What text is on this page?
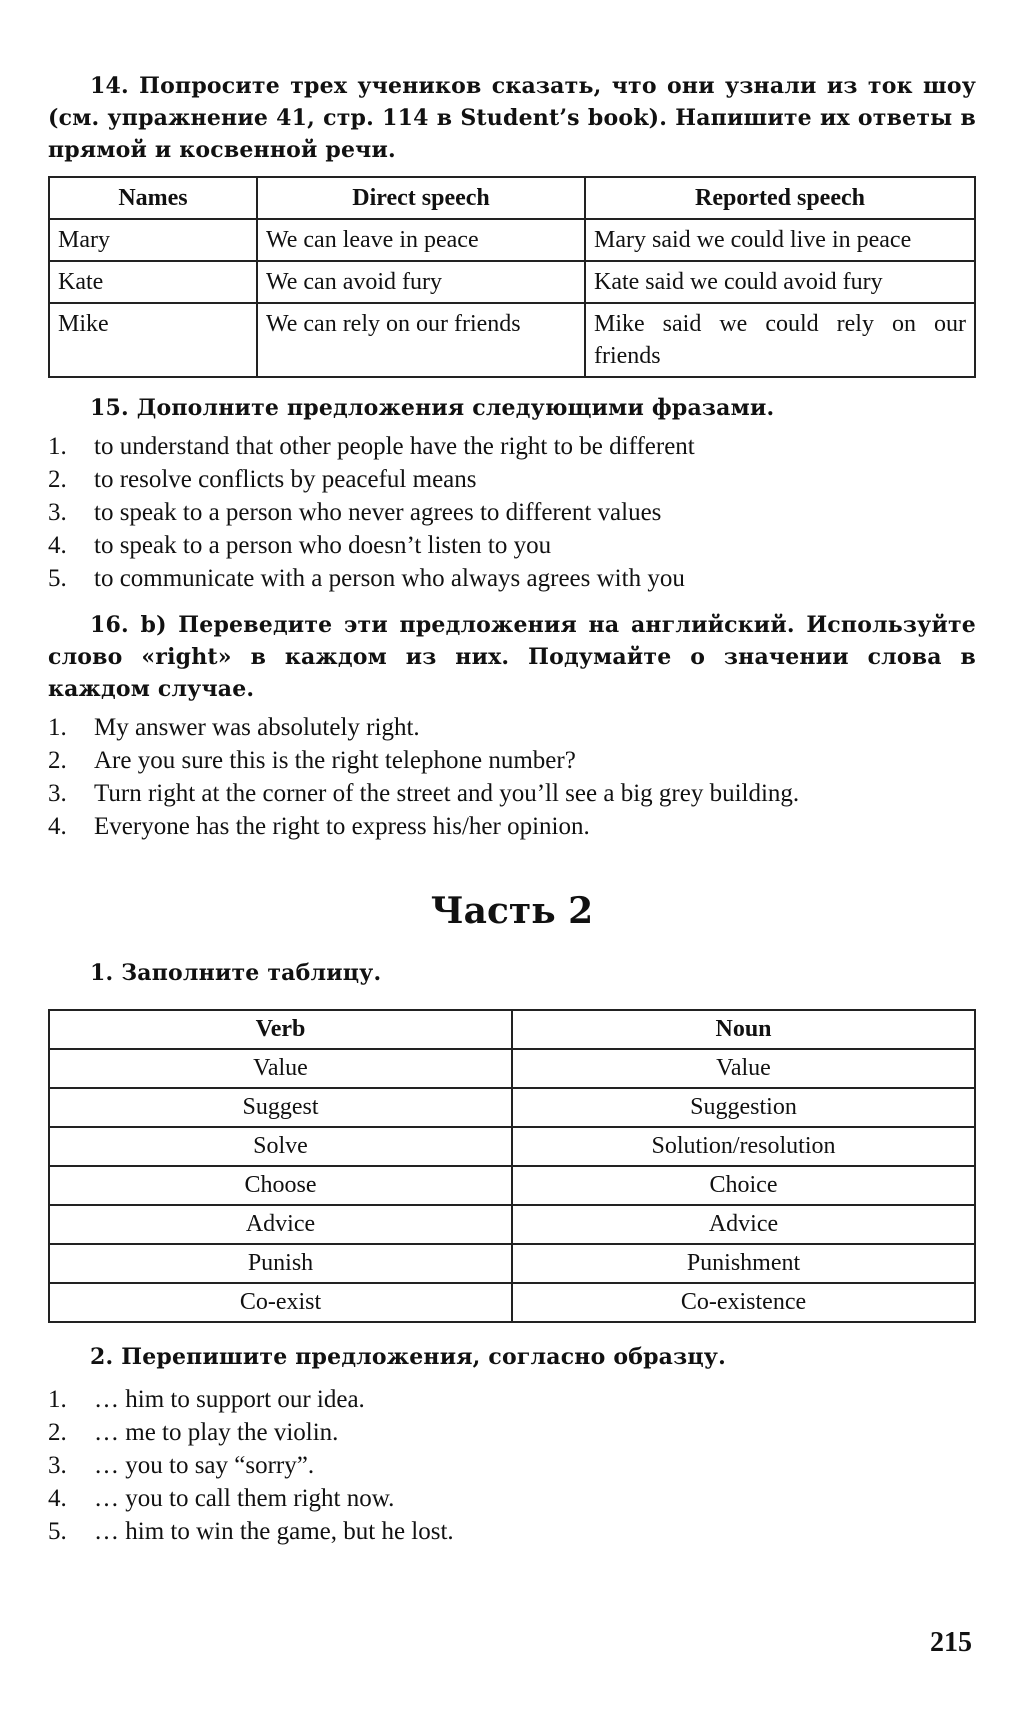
14. Попросите трех учеников сказать, что они узнали из ток шоу (см. упражнение 41, стр. 114 в Student’s book). Напишите их ответы в прямой и косвенной речи.
Names	Direct speech	Reported speech
Mary	We can leave in peace	Mary said we could live in peace
Kate	We can avoid fury	Kate said we could avoid fury
Mike	We can rely on our friends	Mike said we could rely on our friends
15. Дополните предложения следующими фразами.
1.	to understand that other people have the right to be different
2.	to resolve conflicts by peaceful means
3.	to speak to a person who never agrees to different values
4.	to speak to a person who doesn’t listen to you
5.	to communicate with a person who always agrees with you
16. b) Переведите эти предложения на английский. Используйте слово «right» в каждом из них. Подумайте о значении слова в каждом случае.
1.	My answer was absolutely right.
2.	Are you sure this is the right telephone number?
3.	Turn right at the corner of the street and you’ll see a big grey building.
4.	Everyone has the right to express his/her opinion.
Часть 2
1. Заполните таблицу.
Verb	Noun
Value	Value
Suggest	Suggestion
Solve	Solution/resolution
Choose	Choice
Advice	Advice
Punish	Punishment
Co-exist	Co-existence
2. Перепишите предложения, согласно образцу.
1.	… him to support our idea.
2.	… me to play the violin.
3.	… you to say “sorry”.
4.	… you to call them right now.
5.	… him to win the game, but he lost.
215
